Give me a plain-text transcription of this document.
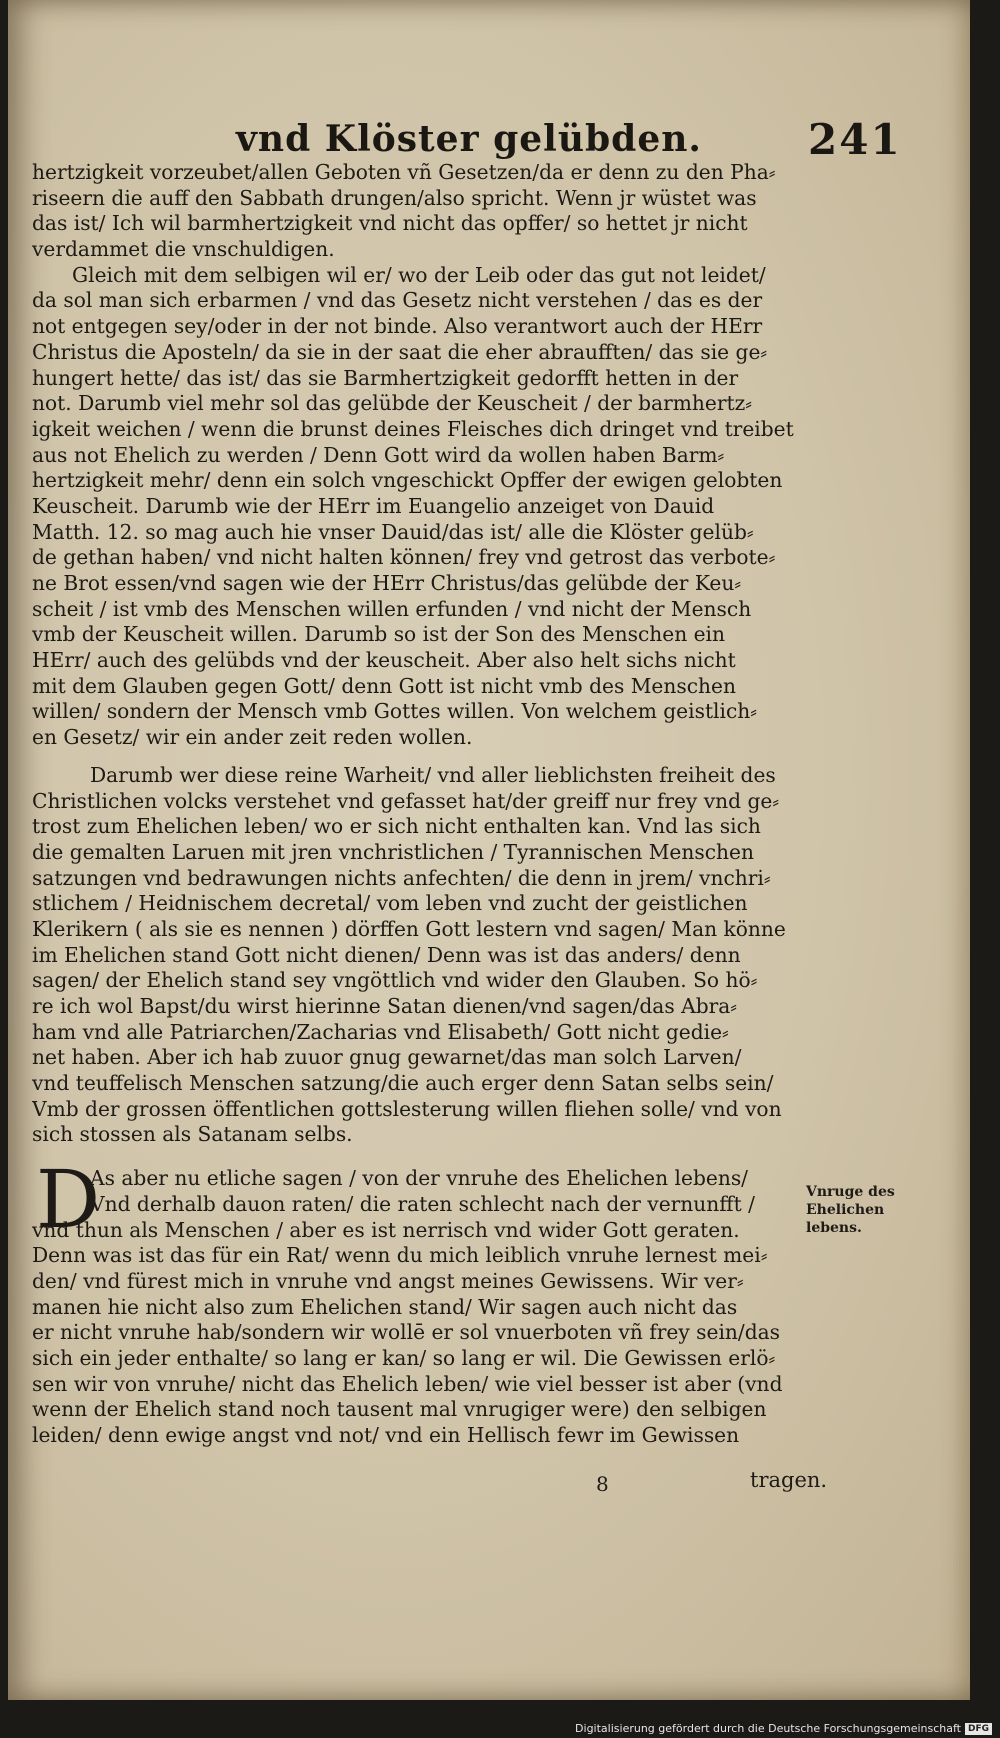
vnd Klöster gelübden.	241
hertzigkeit vorzeubet/allen Geboten vñ Gesetzen/da er denn zu den Pha⸗
riseern die auff den Sabbath drungen/also spricht. Wenn jr wüstet was
das ist/ Ich wil barmhertzigkeit vnd nicht das opffer/ so hettet jr nicht
verdammet die vnschuldigen.
Gleich mit dem selbigen wil er/ wo der Leib oder das gut not leidet/
da sol man sich erbarmen / vnd das Gesetz nicht verstehen / das es der
not entgegen sey/oder in der not binde. Also verantwort auch der HErr
Christus die Aposteln/ da sie in der saat die eher abraufften/ das sie ge⸗
hungert hette/ das ist/ das sie Barmhertzigkeit gedorfft hetten in der
not. Darumb viel mehr sol das gelübde der Keuscheit / der barmhertz⸗
igkeit weichen / wenn die brunst deines Fleisches dich dringet vnd treibet
aus not Ehelich zu werden / Denn Gott wird da wollen haben Barm⸗
hertzigkeit mehr/ denn ein solch vngeschickt Opffer der ewigen gelobten
Keuscheit. Darumb wie der HErr im Euangelio anzeiget von Dauid
Matth. 12. so mag auch hie vnser Dauid/das ist/ alle die Klöster gelüb⸗
de gethan haben/ vnd nicht halten können/ frey vnd getrost das verbote⸗
ne Brot essen/vnd sagen wie der HErr Christus/das gelübde der Keu⸗
scheit / ist vmb des Menschen willen erfunden / vnd nicht der Mensch
vmb der Keuscheit willen. Darumb so ist der Son des Menschen ein
HErr/ auch des gelübds vnd der keuscheit. Aber also helt sichs nicht
mit dem Glauben gegen Gott/ denn Gott ist nicht vmb des Menschen
willen/ sondern der Mensch vmb Gottes willen. Von welchem geistlich⸗
en Gesetz/ wir ein ander zeit reden wollen.
Darumb wer diese reine Warheit/ vnd aller lieblichsten freiheit des
Christlichen volcks verstehet vnd gefasset hat/der greiff nur frey vnd ge⸗
trost zum Ehelichen leben/ wo er sich nicht enthalten kan. Vnd las sich
die gemalten Laruen mit jren vnchristlichen / Tyrannischen Menschen
satzungen vnd bedrawungen nichts anfechten/ die denn in jrem/ vnchri⸗
stlichem / Heidnischem decretal/ vom leben vnd zucht der geistlichen
Klerikern ( als sie es nennen ) dörffen Gott lestern vnd sagen/ Man könne
im Ehelichen stand Gott nicht dienen/ Denn was ist das anders/ denn
sagen/ der Ehelich stand sey vngöttlich vnd wider den Glauben. So hö⸗
re ich wol Bapst/du wirst hierinne Satan dienen/vnd sagen/das Abra⸗
ham vnd alle Patriarchen/Zacharias vnd Elisabeth/ Gott nicht gedie⸗
net haben. Aber ich hab zuuor gnug gewarnet/das man solch Larven/
vnd teuffelisch Menschen satzung/die auch erger denn Satan selbs sein/
Vmb der grossen öffentlichen gottslesterung willen fliehen solle/ vnd von
sich stossen als Satanam selbs.
As aber nu etliche sagen / von der vnruhe des Ehelichen lebens/
Vnd derhalb dauon raten/ die raten schlecht nach der vernunfft /
vnd thun als Menschen / aber es ist nerrisch vnd wider Gott geraten.
Denn was ist das für ein Rat/ wenn du mich leiblich vnruhe lernest mei⸗
den/ vnd fürest mich in vnruhe vnd angst meines Gewissens. Wir ver⸗
manen hie nicht also zum Ehelichen stand/ Wir sagen auch nicht das
er nicht vnruhe hab/sondern wir wollē er sol vnuerboten vñ frey sein/das
sich ein jeder enthalte/ so lang er kan/ so lang er wil. Die Gewissen erlö⸗
sen wir von vnruhe/ nicht das Ehelich leben/ wie viel besser ist aber (vnd
wenn der Ehelich stand noch tausent mal vnrugiger were) den selbigen
leiden/ denn ewige angst vnd not/ vnd ein Hellisch fewr im Gewissen
D	Vnruge des
Ehelichen
lebens.
8	tragen.
Digitalisierung gefördert durch die Deutsche Forschungsgemeinschaft DFG
